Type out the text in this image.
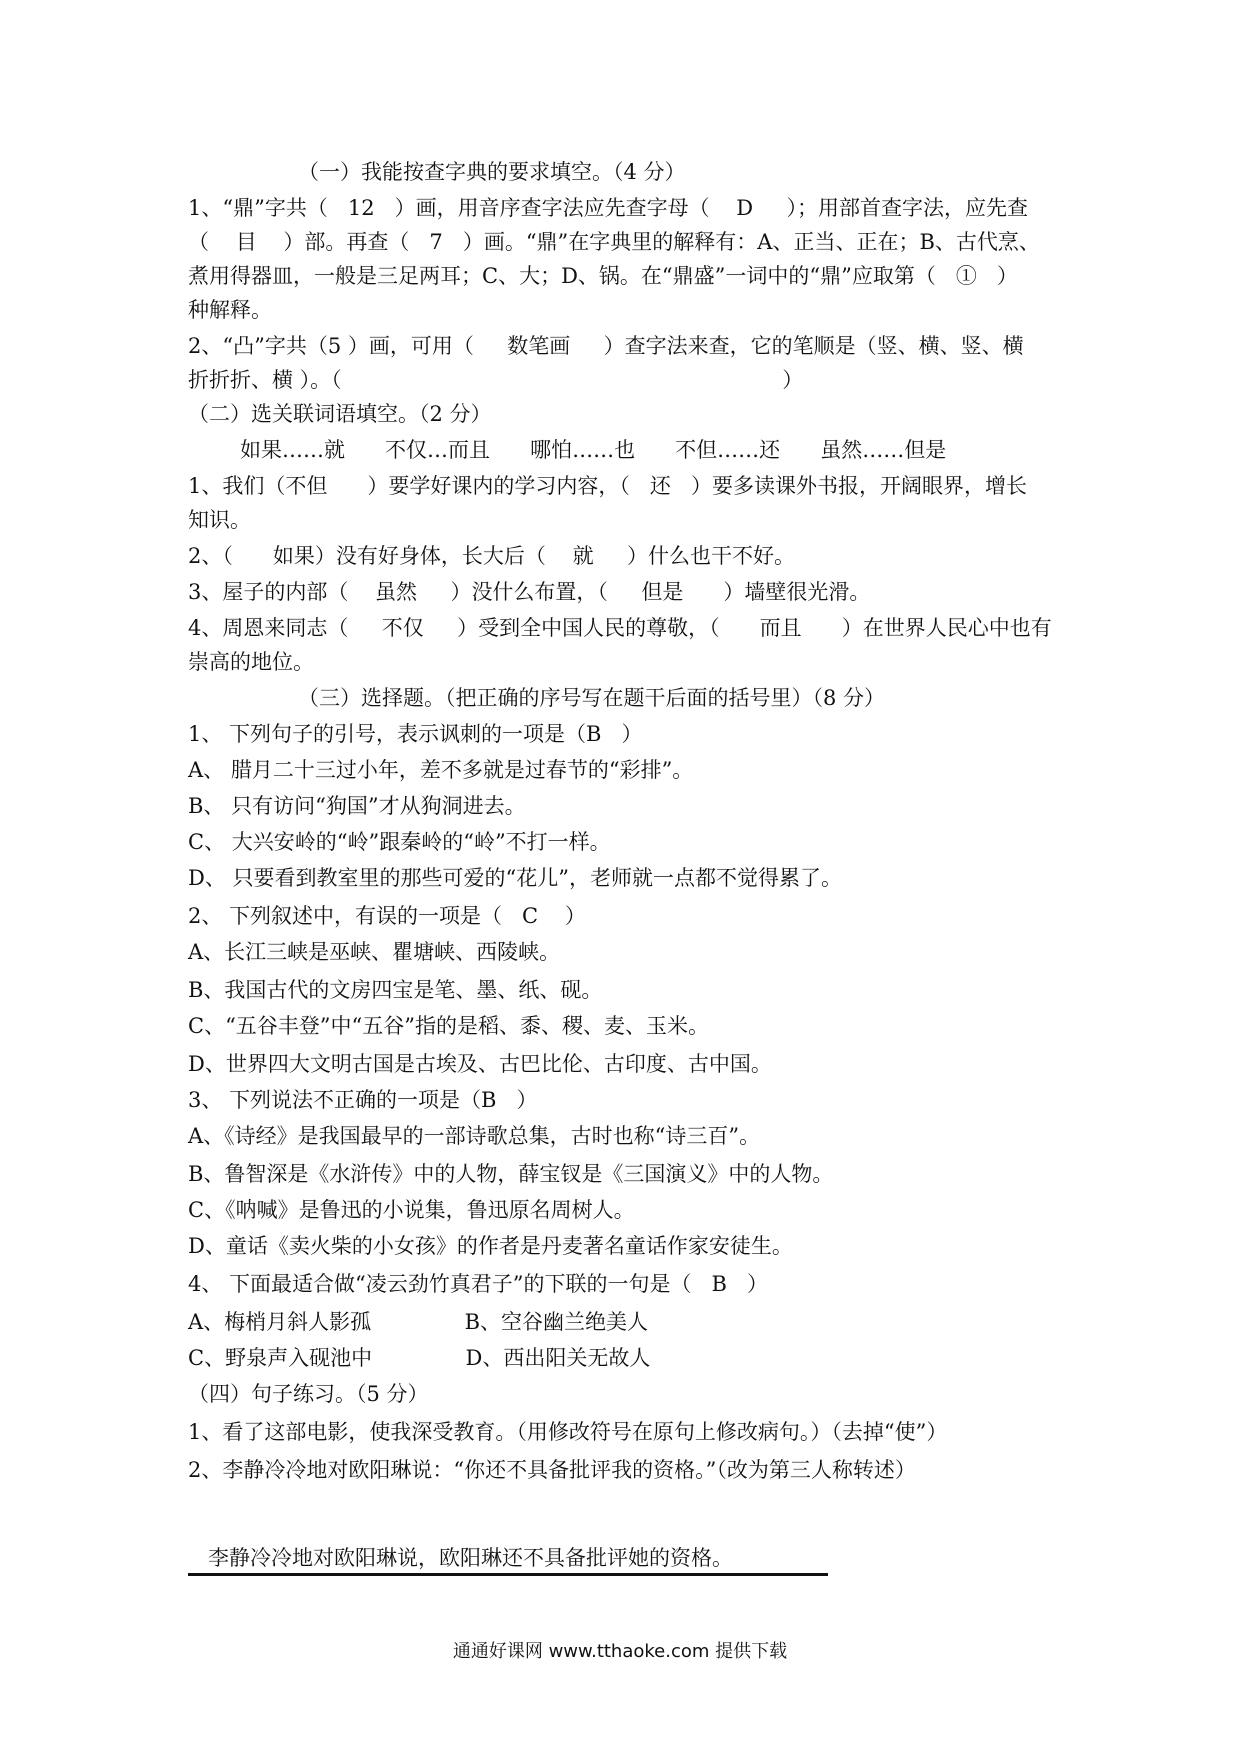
（一）我能按查字典的要求填空。（4 分）
1、“鼎”字共（   12   ）画，用音序查字法应先查字母（    D     ）；用部首查字法，应先查
（    目    ）部。再查（   7   ）画。“鼎”在字典里的解释有：A、正当、正在；B、古代烹、
煮用得器皿，一般是三足两耳；C、大；D、锅。在“鼎盛”一词中的“鼎”应取第（   ①   ）
种解释。
2、“凸”字共（5 ）画，可用（     数笔画     ）查字法来查，它的笔顺是（竖、横、竖、横
折折折、横 ）。（                                                                  ）
（二）选关联词语填空。（2 分）
如果……就      不仅…而且      哪怕……也      不但……还      虽然……但是
1、我们（不但      ）要学好课内的学习内容，（   还   ）要多读课外书报，开阔眼界，增长
知识。
2、（      如果）没有好身体，长大后（    就     ）什么也干不好。
3、屋子的内部（    虽然     ）没什么布置，（     但是      ）墙壁很光滑。
4、周恩来同志（     不仅     ）受到全中国人民的尊敬，（      而且      ）在世界人民心中也有
崇高的地位。
（三）选择题。（把正确的序号写在题干后面的括号里）（8 分）
1、 下列句子的引号，表示讽刺的一项是（B   ）
A、 腊月二十三过小年，差不多就是过春节的“彩排”。
B、 只有访问“狗国”才从狗洞进去。
C、 大兴安岭的“岭”跟秦岭的“岭”不打一样。
D、 只要看到教室里的那些可爱的“花儿”，老师就一点都不觉得累了。
2、 下列叙述中，有误的一项是（   C    ）
A、长江三峡是巫峡、瞿塘峡、西陵峡。
B、我国古代的文房四宝是笔、墨、纸、砚。
C、“五谷丰登”中“五谷”指的是稻、黍、稷、麦、玉米。
D、世界四大文明古国是古埃及、古巴比伦、古印度、古中国。
3、 下列说法不正确的一项是（B   ）
A、《诗经》是我国最早的一部诗歌总集，古时也称“诗三百”。
B、鲁智深是《水浒传》中的人物，薛宝钗是《三国演义》中的人物。
C、《呐喊》是鲁迅的小说集，鲁迅原名周树人。
D、童话《卖火柴的小女孩》的作者是丹麦著名童话作家安徒生。
4、 下面最适合做“凌云劲竹真君子”的下联的一句是（   B   ）
A、梅梢月斜人影孤              B、空谷幽兰绝美人
C、野泉声入砚池中              D、西出阳关无故人
（四）句子练习。（5 分）
1、看了这部电影，使我深受教育。（用修改符号在原句上修改病句。）（去掉“使”）
2、李静冷冷地对欧阳琳说：“你还不具备批评我的资格。”（改为第三人称转述）
李静冷冷地对欧阳琳说，欧阳琳还不具备批评她的资格。
通通好课网 www.tthaoke.com 提供下载
